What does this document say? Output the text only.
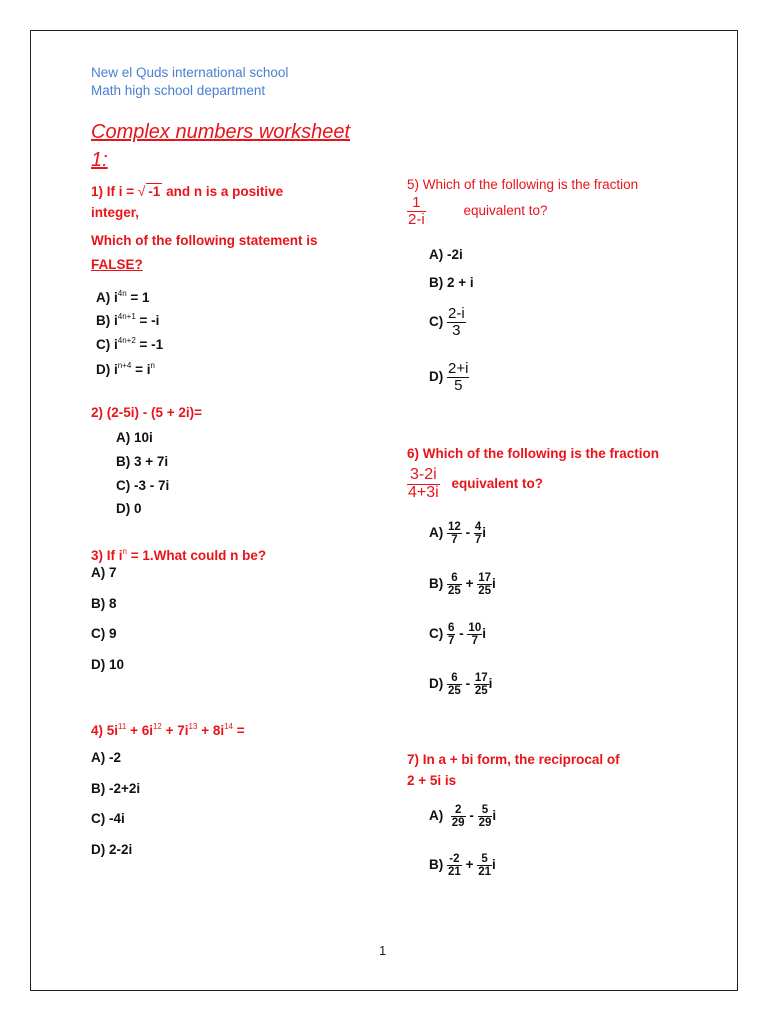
New el Quds international school
Math high school department
Complex numbers worksheet
1:
1) If i = √ -1 and n is a positive
integer,
Which of the following statement is
FALSE?
A) $i^{4n} = 1$
B) $i^{4n+1} = -i$
C) $i^{4n+2} = -1$
D) $i^{n+4} = i^n$
2) (2-5i) - (5 + 2i)=
A) 10i
B) 3 + 7i
C) -3 - 7i
D) 0
3) If $i^n$ = 1.What could n be?
A) 7
B) 8
C) 9
D) 10
4) $5i^{11} + 6i^{12} + 7i^{13} + 8i^{14}$ =
A) -2
B) -2+2i
C) -4i
D) 2-2i
5) Which of the following is the fraction
$\frac{1}{2-i}$	equivalent to?
A) -2i
B) 2 + i
$C) \frac{2-i}{3}$
$D) \frac{2+i}{5}$
6) Which of the following is the fraction
$\frac{3-2i}{4+3i}$ equivalent to?
$A) \frac{12}{7} - \frac{4}{7}$ i
$B) \frac{6}{25} + \frac{17}{25}$ i
$C) \frac{6}{7} - \frac{10}{7}$ i
$D) \frac{6}{25} - \frac{17}{25}$ i
7) In a + bi form, the reciprocal of
2 + 5i is
$A) \frac{2}{29} - \frac{5}{29}$ i
$B) \frac{-2}{21} + \frac{5}{21}$ i
1
